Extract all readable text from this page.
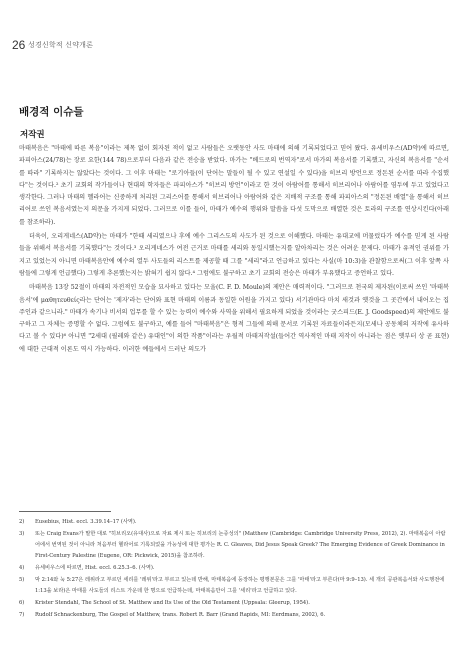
26 성경신학적 신약개론
배경적 이슈들
저작권

마태복음은 "마태에 따른 복음"이라는 제목 없이 회자된 적이 없고 사람들은 오랫동안 사도 마태에 의해 기록되었다고 믿어 왔다. 유세비우스(AD약)에 따르면, 파피아스(24/78)는 장로 요한(144 78)으로부터 다음과 같은 전승을 받았다. 마가는 "베드로의 번역자"로서 마가의 복음서를 기록했고, 자신의 복음서를 "순서를 따라" 기록하지는 않았다는 것이다. 그 이후 마태는 "로기아들(이 단어는 말들이 될 수 있고 연설일 수 있다)을 히브리 방언으로 정돈된 순서를 따라 수집했다"는 것이다.² 초기 교회의 작가들이나 현대의 학자들은 파피아스가 "히브리 방언"이라고 한 것이 아람어를 통해서 히브리어나 아람어를 염두에 두고 있었다고 생각한다. 그러나 마태의 헬라어는 신중하게 처리된 그리스어를 통해서 히브리어나 아람어와 같은 지배적 구조를 통해 파피아스의 "정돈된 배열"을 통해서 히브리어로 쓰인 복음서였는지 의문을 가지게 되었다. 그러므로 이를 들어, 마태가 예수의 행위와 말씀을 다섯 도막으로 배열한 것은 토라의 구조를 연상시킨다(아래를 참조하라).

더욱이, 오리게네스(AD약)는 마태가 "한때 세리였으나 후에 예수 그리스도의 사도가 된 것으로 이해했다. 마태는 유대교에 머물렀다가 예수를 믿게 된 사람들을 위해서 복음서를 기록했다"는 것이다.³ 오리게네스가 여전 근거로 마태를 세리와 동일시했는지를 알아차리는 것은 어려운 문제다. 마태가 유적인 권위를 가지고 있었는지 아니면 마태복음안에 예수의 열두 사도들의 리스트를 제공할 때 그를 "세리"라고 언급하고 있다는 사실(마 10:3)을 관찰함으로써(그 이후 앞쪽 사람들에 그렇게 언급했다) 그렇게 추론했는지는 밝혀기 쉽지 않다.⁴ 그럼에도 불구하고 초기 교회의 전승은 마태가 부유했다고 증언하고 있다.

마태복음 13장 52절이 마태의 자전적인 모습을 묘사하고 있다는 모울(C. F. D. Moule)의 제안은 매력적이다. "그러므로 천국의 제자된(이로써 쓰인 '마태복음서'에 μαθητευθείς라는 단어는 '제자'라는 단어와 표현 마태의 이름과 동일한 어원을 가지고 있다) 서기관마다 마치 새것과 옛것을 그 곳간에서 내어오는 집주인과 같으니라." 마태가 속기나 비서의 업무를 할 수 있는 능력이 예수와 사역을 위해서 필요하게 되었을 것이라는 굿스피드(E. J. Goodspeed)의 제안에도 불구하고 그 자체는 증명할 수 없다. 그럼에도 불구하고, 예를 들어 "마태복음"은 형적 그들에 의해 문서로 기록된 자료들이라든지(모세나 공동체의 저작에 유사하다고 볼 수 있다)⁶ 아니면 "2세대 (필레와 같은) 유대인"이 의한 작품"이라는 우월적 마태저작설(들어간 역사적인 마태 저작이 아니라는 점은 옛부터 상 곧 표현)에 대한 근대적 이론도 역시 가능하다. 이러한 예들에서 드러난 의도가

2)	Eusebius, Hist. eccl. 3.39.14–17 (사역).
3)	또는 Craig Evans가 말한 대로 "히브리오(유대사)으로 자료 제시 또는 히브리의 논증성의" (Matthew (Cambridge: Cambridge University Press, 2012), 2). 마태복음이 아람어에서 번역된 것이 아니라 처음부터 헬라어로 기록되었을 가능성에 대한 평가는 R. C. Gleaves, Did Jesus Speak Greek? The Emerging Evidence of Greek Dominance in First-Century Palestine (Eugene, OR: Pickwick, 2015)을 참조하라.
4)	유세비우스에 따르면, Hist. eccl. 6.25.3–6. (사역).
5)	막 2:14와 눅 5:27은 레위라고 부르던 세리를 '레위'라고 부르고 있는데 반해, 마태복음에 등장하는 평행본문은 그를 '마태'라고 부른다(마 9:9–13). 세 개의 공관복음서와 사도행전에 1:13을 보라)은 마태를 사도들의 리스트 가운데 한 명으로 언급하는데, 마태복음만이 그를 '세리'라고 언급하고 있다.
6)	Krister Stendahl, The School of St. Matthew and Its Use of the Old Testament (Uppsala: Gleerup, 1954).
7)	Rudolf Schnackenburg, The Gospel of Matthew, trans. Robert R. Barr (Grand Rapids, MI: Eerdmans, 2002), 6.
